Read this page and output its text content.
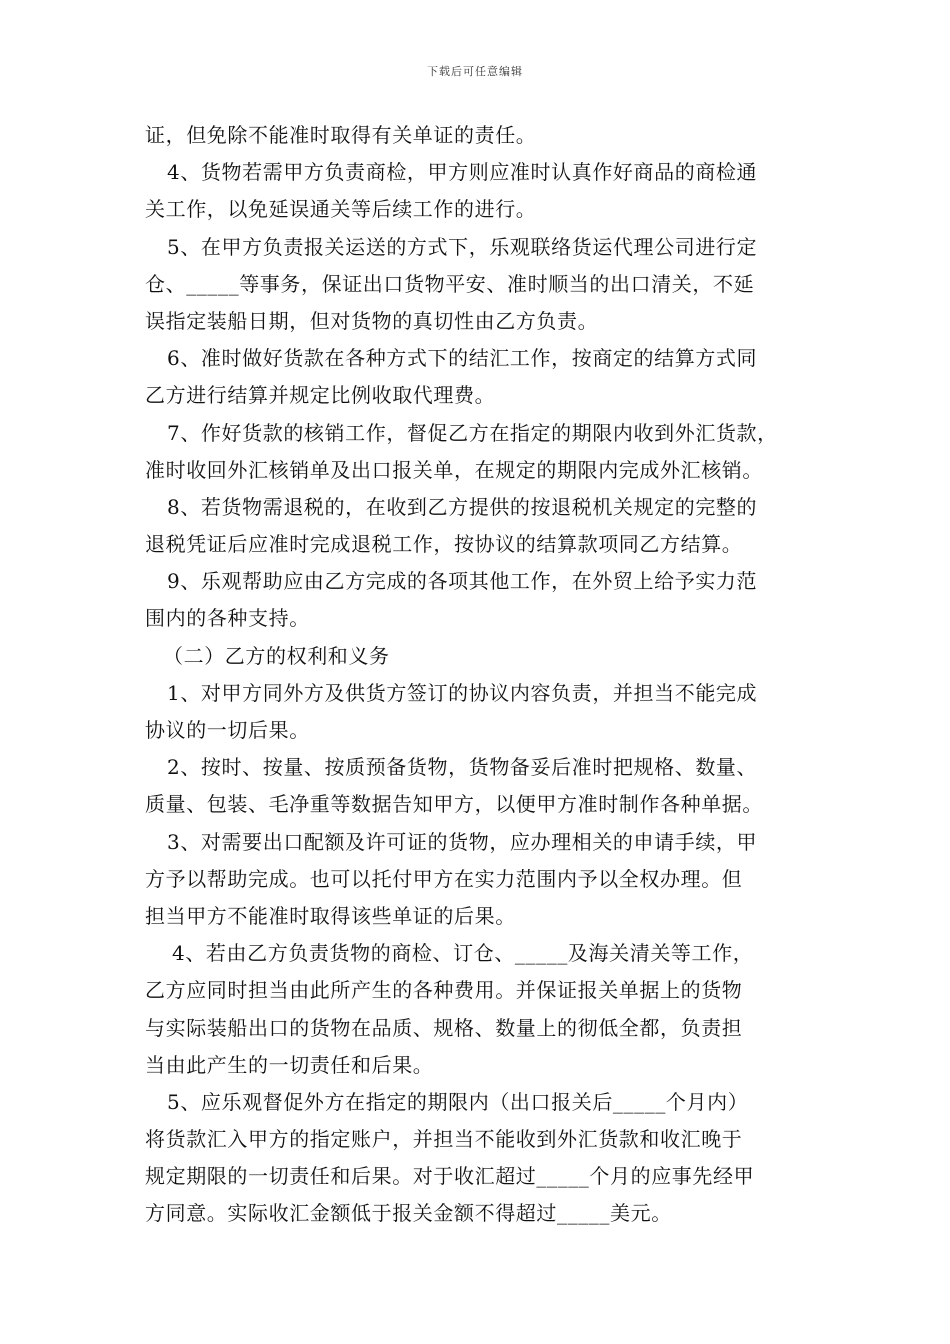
下载后可任意编辑
证，但免除不能准时取得有关单证的责任。
4、货物若需甲方负责商检，甲方则应准时认真作好商品的商检通
关工作，以免延误通关等后续工作的进行。
5、在甲方负责报关运送的方式下，乐观联络货运代理公司进行定
仓、_____等事务，保证出口货物平安、准时顺当的出口清关，不延
误指定装船日期，但对货物的真切性由乙方负责。
6、准时做好货款在各种方式下的结汇工作，按商定的结算方式同
乙方进行结算并规定比例收取代理费。
7、作好货款的核销工作，督促乙方在指定的期限内收到外汇货款，
准时收回外汇核销单及出口报关单，在规定的期限内完成外汇核销。
8、若货物需退税的，在收到乙方提供的按退税机关规定的完整的
退税凭证后应准时完成退税工作，按协议的结算款项同乙方结算。
9、乐观帮助应由乙方完成的各项其他工作，在外贸上给予实力范
围内的各种支持。
（二）乙方的权利和义务
1、对甲方同外方及供货方签订的协议内容负责，并担当不能完成
协议的一切后果。
2、按时、按量、按质预备货物，货物备妥后准时把规格、数量、
质量、包装、毛净重等数据告知甲方，以便甲方准时制作各种单据。
3、对需要出口配额及许可证的货物，应办理相关的申请手续，甲
方予以帮助完成。也可以托付甲方在实力范围内予以全权办理。但
担当甲方不能准时取得该些单证的后果。
4、若由乙方负责货物的商检、订仓、_____及海关清关等工作，
乙方应同时担当由此所产生的各种费用。并保证报关单据上的货物
与实际装船出口的货物在品质、规格、数量上的彻低全都，负责担
当由此产生的一切责任和后果。
5、应乐观督促外方在指定的期限内（出口报关后_____个月内）
将货款汇入甲方的指定账户，并担当不能收到外汇货款和收汇晚于
规定期限的一切责任和后果。对于收汇超过_____个月的应事先经甲
方同意。实际收汇金额低于报关金额不得超过_____美元。
